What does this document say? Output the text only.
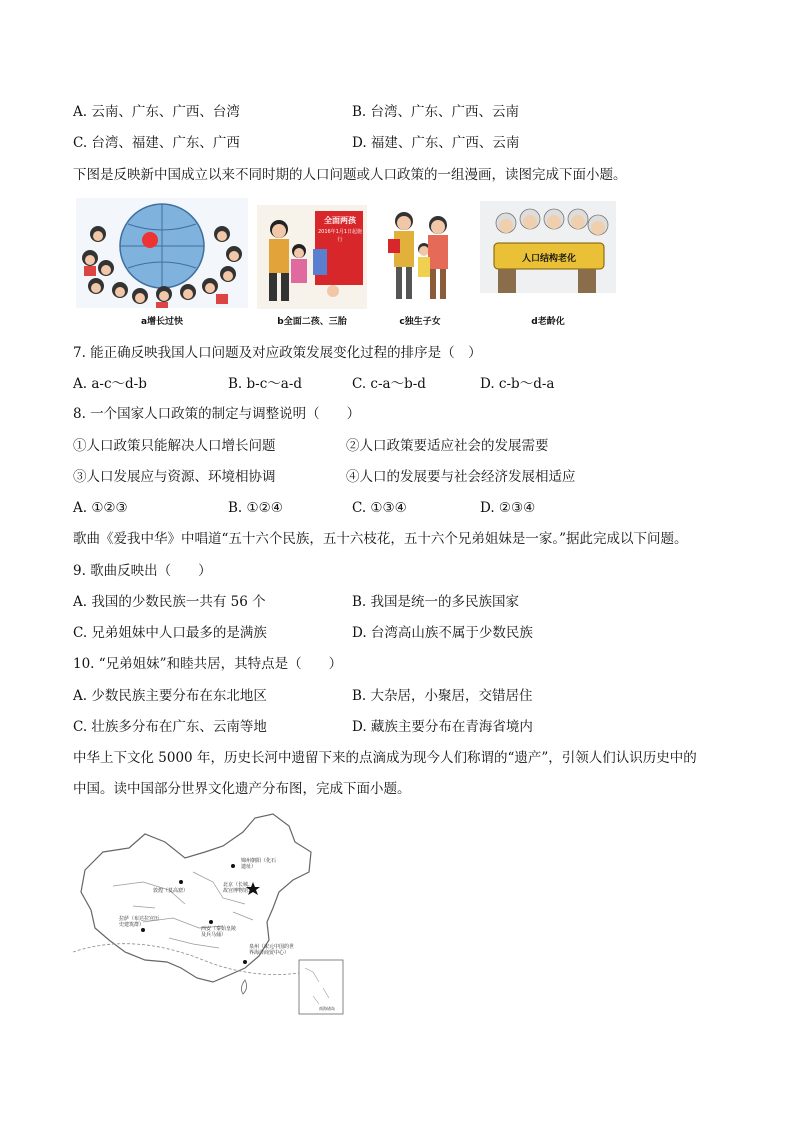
A. 云南、广东、广西、台湾	B. 台湾、广东、广西、云南
C. 台湾、福建、广东、广西	D. 福建、广东、广西、云南
下图是反映新中国成立以来不同时期的人口问题或人口政策的一组漫画，读图完成下面小题。
a增长过快
全面两孩
2016年1月1日起施行
b全面二孩、三胎	c独生子女
人口结构老化
d老龄化
7. 能正确反映我国人口问题及对应政策发展变化过程的排序是（　）
A. a-c～d-b	B. b-c～a-d	C. c-a～b-d	D. c-b～d-a
8. 一个国家人口政策的制定与调整说明（　　）
①人口政策只能解决人口增长问题	②人口政策要适应社会的发展需要
③人口发展应与资源、环境相协调	④人口的发展要与社会经济发展相适应
A. ①②③	B. ①②④	C. ①③④	D. ②③④
歌曲《爱我中华》中唱道“五十六个民族，五十六枝花，五十六个兄弟姐妹是一家。”据此完成以下问题。
9. 歌曲反映出（　　）
A. 我国的少数民族一共有 56 个	B. 我国是统一的多民族国家
C. 兄弟姐妹中人口最多的是满族	D. 台湾高山族不属于少数民族
10. “兄弟姐妹”和睦共居，其特点是（　　）
A. 少数民族主要分布在东北地区	B. 大杂居，小聚居，交错居住
C. 壮族多分布在广东、云南等地	D. 藏族主要分布在青海省境内
中华上下文化 5000 年，历史长河中遗留下来的点滴成为现今人们称谓的“遗产”，引领人们认识历史中的
中国。读中国部分世界文化遗产分布图，完成下面小题。
敦煌（莫高窟）
拉萨（布达拉宫历史建筑群）
锦州朝阳（化石遗址）
北京（长城、故宫博物馆）
西安（秦始皇陵及兵马俑）
泉州（宋元中国的世界海洋商贸中心）
南海诸岛
